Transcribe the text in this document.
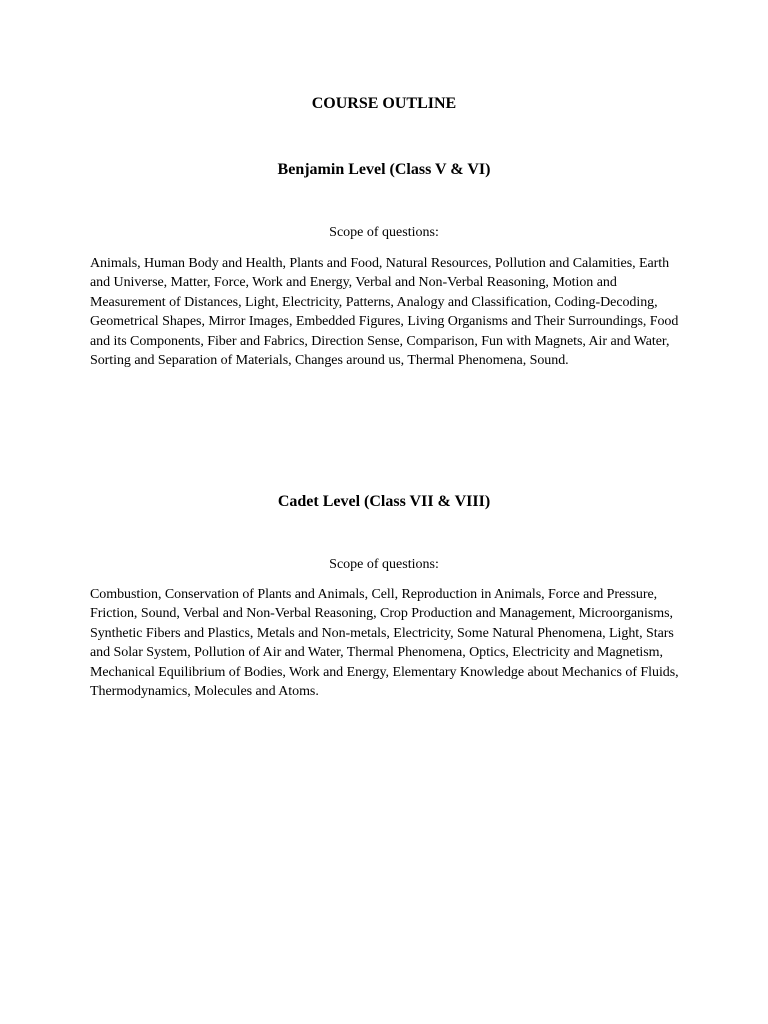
COURSE OUTLINE
Benjamin Level (Class V & VI)

Scope of questions:

Animals, Human Body and Health, Plants and Food, Natural Resources, Pollution and Calamities, Earth and Universe, Matter, Force, Work and Energy, Verbal and Non-Verbal Reasoning, Motion and Measurement of Distances, Light, Electricity, Patterns, Analogy and Classification, Coding-Decoding, Geometrical Shapes, Mirror Images, Embedded Figures, Living Organisms and Their Surroundings, Food and its Components, Fiber and Fabrics, Direction Sense, Comparison, Fun with Magnets, Air and Water, Sorting and Separation of Materials, Changes around us, Thermal Phenomena, Sound.

Cadet Level (Class VII & VIII)

Scope of questions:

Combustion, Conservation of Plants and Animals, Cell, Reproduction in Animals, Force and Pressure, Friction, Sound, Verbal and Non-Verbal Reasoning, Crop Production and Management, Microorganisms, Synthetic Fibers and Plastics, Metals and Non-metals, Electricity, Some Natural Phenomena, Light, Stars and Solar System, Pollution of Air and Water, Thermal Phenomena, Optics, Electricity and Magnetism, Mechanical Equilibrium of Bodies, Work and Energy, Elementary Knowledge about Mechanics of Fluids, Thermodynamics, Molecules and Atoms.
